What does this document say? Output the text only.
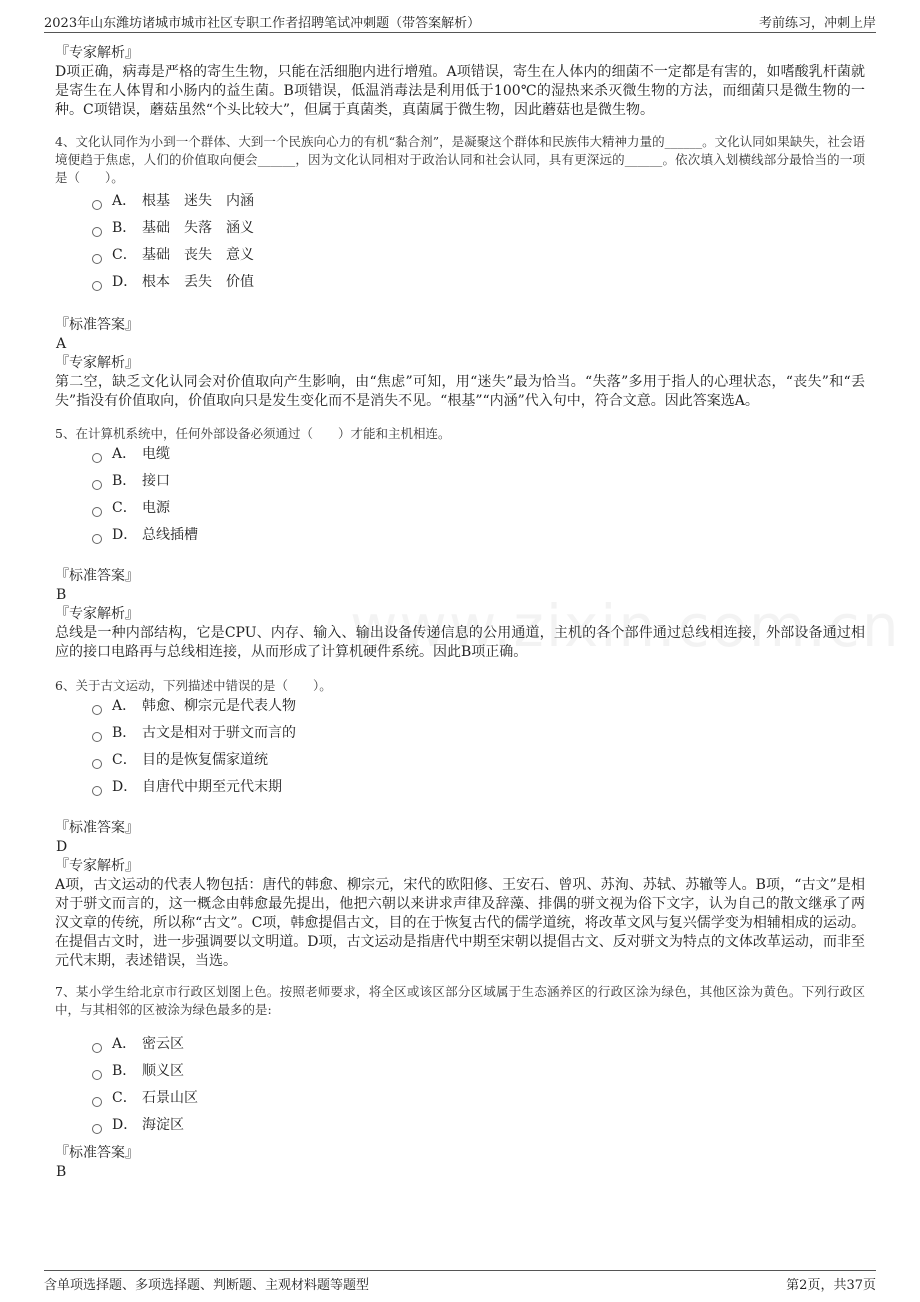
2023年山东潍坊诸城市城市社区专职工作者招聘笔试冲刺题（带答案解析）	考前练习，冲刺上岸
『专家解析』
D项正确，病毒是严格的寄生生物，只能在活细胞内进行增殖。A项错误，寄生在人体内的细菌不一定都是有害的，如嗜酸乳杆菌就是寄生在人体胃和小肠内的益生菌。B项错误，低温消毒法是利用低于100℃的湿热来杀灭微生物的方法，而细菌只是微生物的一种。C项错误，蘑菇虽然“个头比较大”，但属于真菌类，真菌属于微生物，因此蘑菇也是微生物。
4、文化认同作为小到一个群体、大到一个民族向心力的有机“黏合剂”，是凝聚这个群体和民族伟大精神力量的______。文化认同如果缺失，社会语境便趋于焦虑，人们的价值取向便会______，因为文化认同相对于政治认同和社会认同，具有更深远的______。依次填入划横线部分最恰当的一项是（　　）。
A． 根基　迷失　内涵
B． 基础　失落　涵义
C． 基础　丧失　意义
D． 根本　丢失　价值
『标准答案』
A
『专家解析』
第二空，缺乏文化认同会对价值取向产生影响，由“焦虑”可知，用“迷失”最为恰当。“失落”多用于指人的心理状态，“丧失”和“丢失”指没有价值取向，价值取向只是发生变化而不是消失不见。“根基”“内涵”代入句中，符合文意。因此答案选A。
5、在计算机系统中，任何外部设备必须通过（　　）才能和主机相连。
A． 电缆
B． 接口
C． 电源
D． 总线插槽
『标准答案』
B
『专家解析』
总线是一种内部结构，它是CPU、内存、输入、输出设备传递信息的公用通道，主机的各个部件通过总线相连接，外部设备通过相应的接口电路再与总线相连接，从而形成了计算机硬件系统。因此B项正确。
6、关于古文运动，下列描述中错误的是（　　）。
A． 韩愈、柳宗元是代表人物
B． 古文是相对于骈文而言的
C． 目的是恢复儒家道统
D． 自唐代中期至元代末期
『标准答案』
D
『专家解析』
A项，古文运动的代表人物包括：唐代的韩愈、柳宗元，宋代的欧阳修、王安石、曾巩、苏洵、苏轼、苏辙等人。B项，“古文”是相对于骈文而言的，这一概念由韩愈最先提出，他把六朝以来讲求声律及辞藻、排偶的骈文视为俗下文字，认为自己的散文继承了两汉文章的传统，所以称“古文”。C项，韩愈提倡古文，目的在于恢复古代的儒学道统，将改革文风与复兴儒学变为相辅相成的运动。在提倡古文时，进一步强调要以文明道。D项，古文运动是指唐代中期至宋朝以提倡古文、反对骈文为特点的文体改革运动，而非至元代末期，表述错误，当选。
7、某小学生给北京市行政区划图上色。按照老师要求，将全区或该区部分区域属于生态涵养区的行政区涂为绿色，其他区涂为黄色。下列行政区中，与其相邻的区被涂为绿色最多的是:
A． 密云区
B． 顺义区
C． 石景山区
D． 海淀区
『标准答案』
B
含单项选择题、多项选择题、判断题、主观材料题等题型	第2页，共37页
